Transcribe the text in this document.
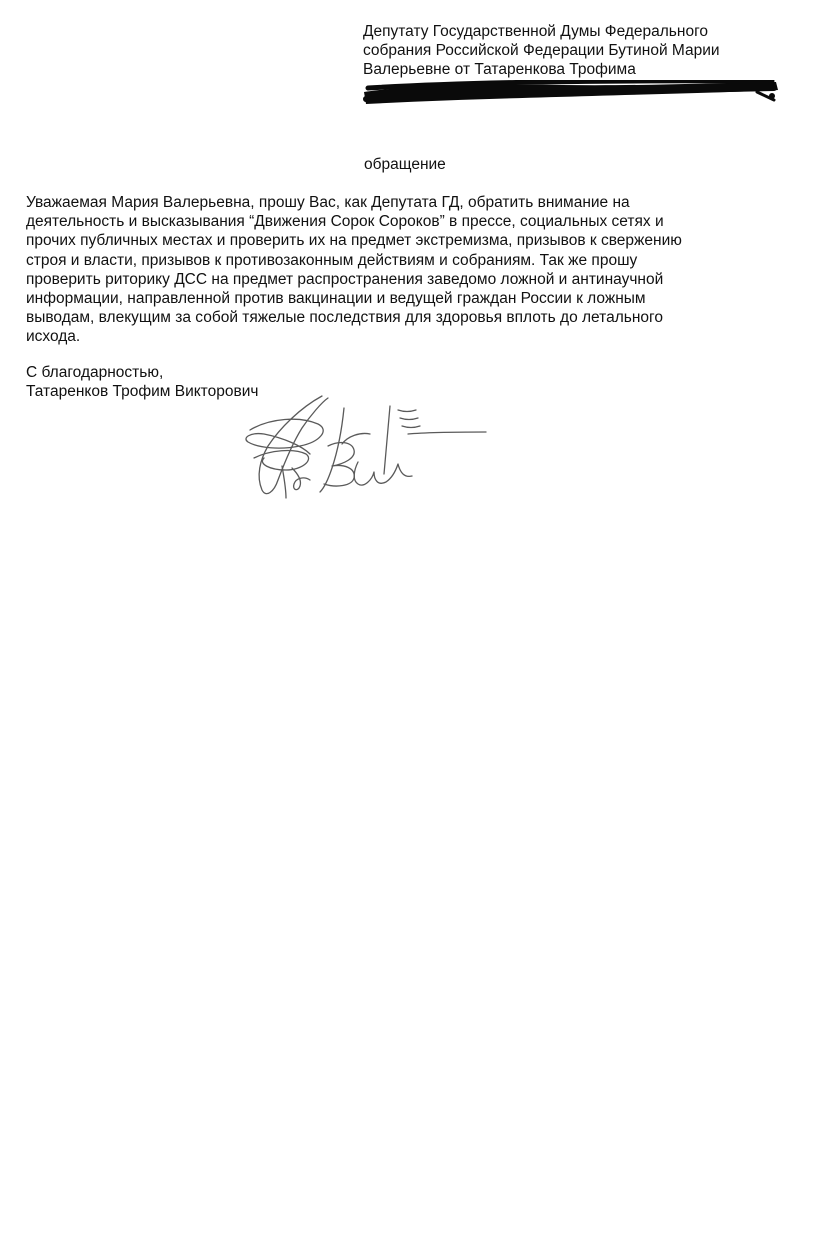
Депутату Государственной Думы Федерального
собрания Российской Федерации Бутиной Марии
Валерьевне от Татаренкова Трофима
обращение
Уважаемая Мария Валерьевна, прошу Вас, как Депутата ГД, обратить внимание на
деятельность и высказывания “Движения Сорок Сороков” в прессе, социальных сетях и
прочих публичных местах и проверить их на предмет экстремизма, призывов к свержению
строя и власти, призывов к противозаконным действиям и собраниям. Так же прошу
проверить риторику ДСС на предмет распространения заведомо ложной и антинаучной
информации, направленной против вакцинации и ведущей граждан России к ложным
выводам, влекущим за собой тяжелые последствия для здоровья вплоть до летального
исхода.
С благодарностью,
Татаренков Трофим Викторович
